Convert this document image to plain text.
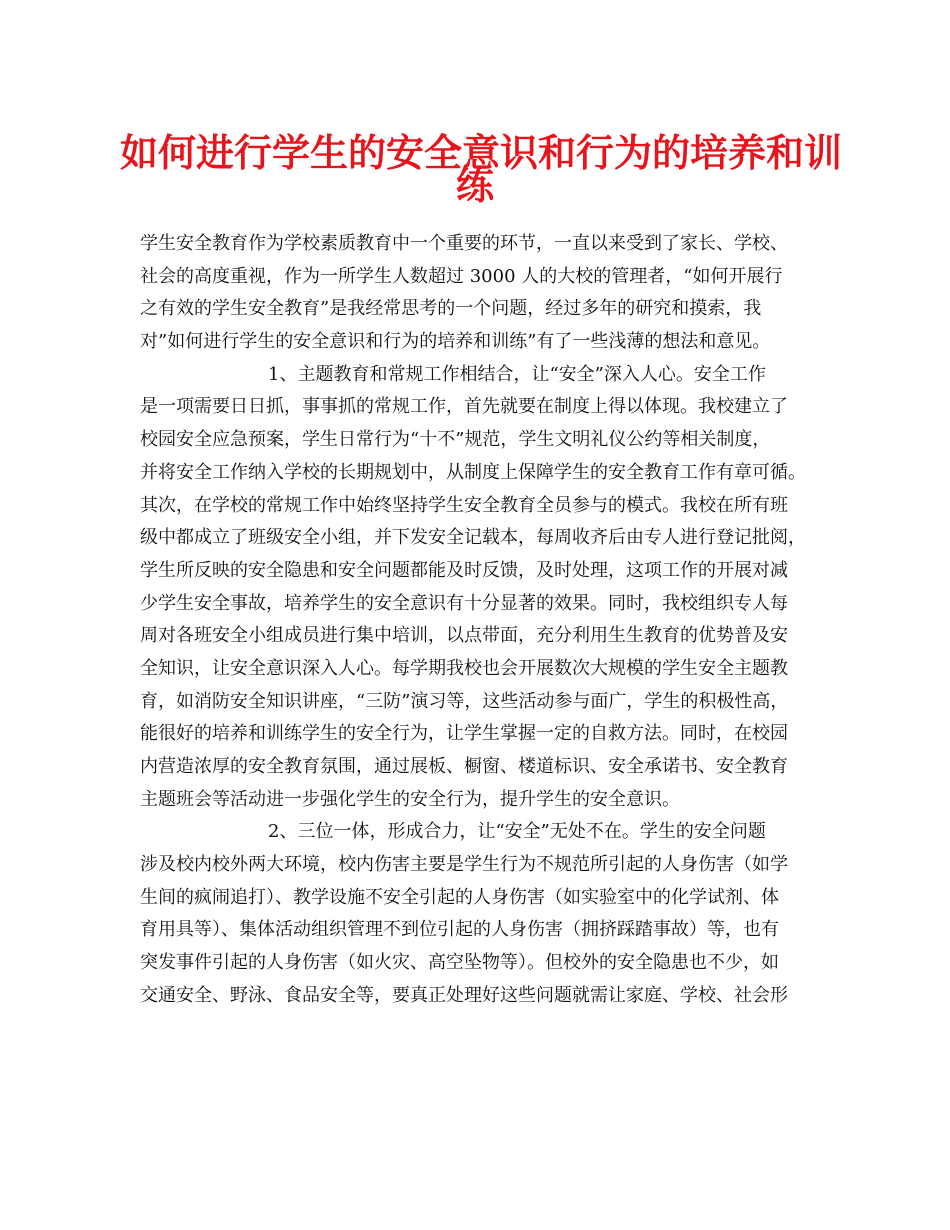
如何进行学生的安全意识和行为的培养和训
练
学生安全教育作为学校素质教育中一个重要的环节，一直以来受到了家长、学校、
社会的高度重视，作为一所学生人数超过 3000 人的大校的管理者，“如何开展行
之有效的学生安全教育”是我经常思考的一个问题，经过多年的研究和摸索，我
对”如何进行学生的安全意识和行为的培养和训练”有了一些浅薄的想法和意见。
1、主题教育和常规工作相结合，让“安全”深入人心。安全工作
是一项需要日日抓，事事抓的常规工作，首先就要在制度上得以体现。我校建立了
校园安全应急预案，学生日常行为“十不”规范，学生文明礼仪公约等相关制度，
并将安全工作纳入学校的长期规划中，从制度上保障学生的安全教育工作有章可循。
其次，在学校的常规工作中始终坚持学生安全教育全员参与的模式。我校在所有班
级中都成立了班级安全小组，并下发安全记载本，每周收齐后由专人进行登记批阅，
学生所反映的安全隐患和安全问题都能及时反馈，及时处理，这项工作的开展对减
少学生安全事故，培养学生的安全意识有十分显著的效果。同时，我校组织专人每
周对各班安全小组成员进行集中培训，以点带面，充分利用生生教育的优势普及安
全知识，让安全意识深入人心。每学期我校也会开展数次大规模的学生安全主题教
育，如消防安全知识讲座，“三防”演习等，这些活动参与面广，学生的积极性高，
能很好的培养和训练学生的安全行为，让学生掌握一定的自救方法。同时，在校园
内营造浓厚的安全教育氛围，通过展板、橱窗、楼道标识、安全承诺书、安全教育
主题班会等活动进一步强化学生的安全行为，提升学生的安全意识。
2、三位一体，形成合力，让“安全”无处不在。学生的安全问题
涉及校内校外两大环境，校内伤害主要是学生行为不规范所引起的人身伤害（如学
生间的疯闹追打）、教学设施不安全引起的人身伤害（如实验室中的化学试剂、体
育用具等）、集体活动组织管理不到位引起的人身伤害（拥挤踩踏事故）等，也有
突发事件引起的人身伤害（如火灾、高空坠物等）。但校外的安全隐患也不少，如
交通安全、野泳、食品安全等，要真正处理好这些问题就需让家庭、学校、社会形
